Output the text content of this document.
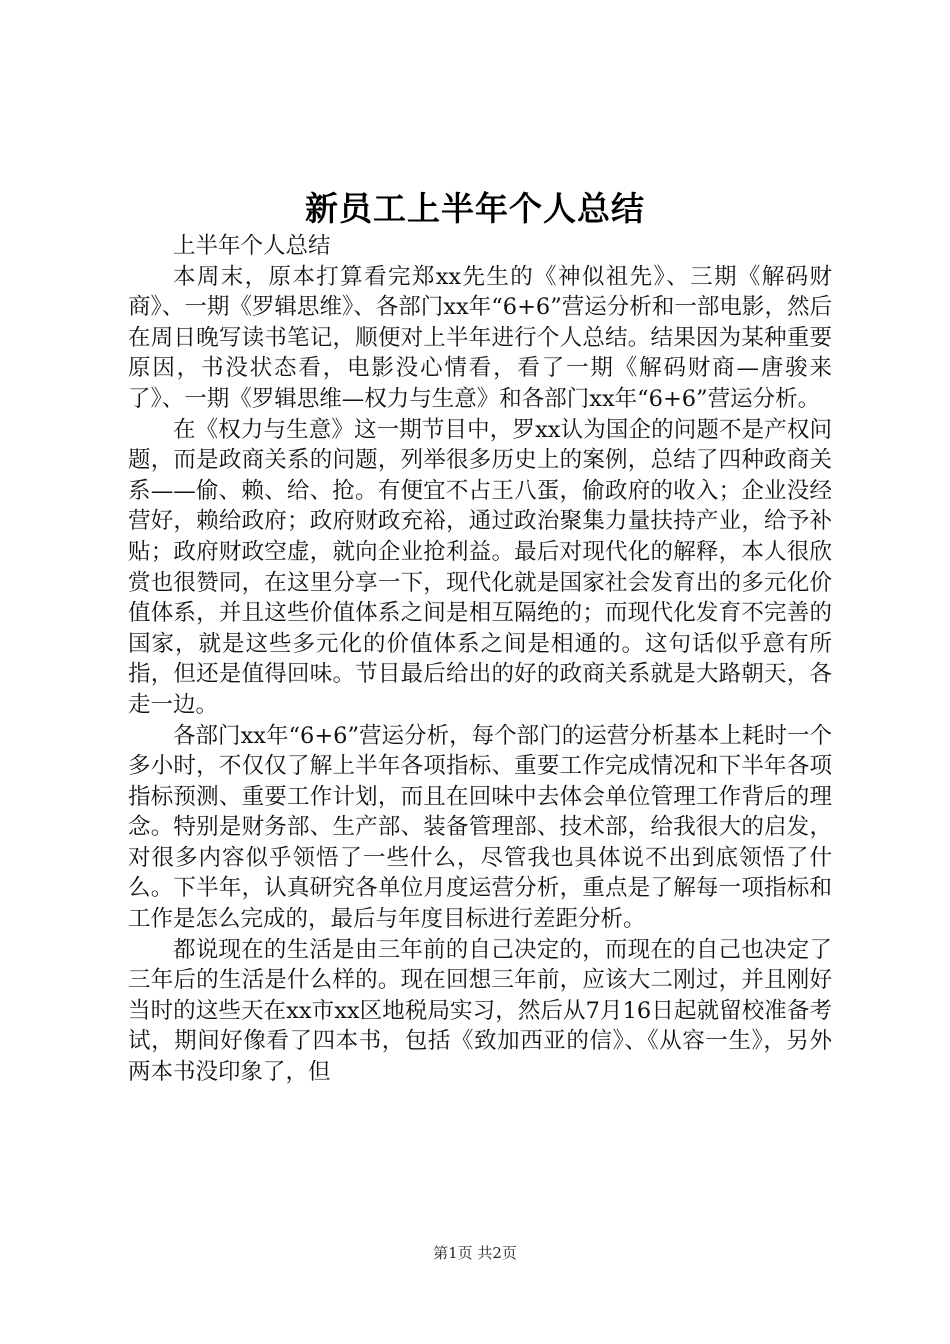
新员工上半年个人总结

上半年个人总结

本周末，原本打算看完郑xx先生的《神似祖先》、三期《解码财商》、一期《罗辑思维》、各部门xx年“6+6”营运分析和一部电影，然后在周日晚写读书笔记，顺便对上半年进行个人总结。结果因为某种重要原因，书没状态看，电影没心情看，看了一期《解码财商—唐骏来了》、一期《罗辑思维—权力与生意》和各部门xx年“6+6”营运分析。

在《权力与生意》这一期节目中，罗xx认为国企的问题不是产权问题，而是政商关系的问题，列举很多历史上的案例，总结了四种政商关系——偷、赖、给、抢。有便宜不占王八蛋，偷政府的收入；企业没经营好，赖给政府；政府财政充裕，通过政治聚集力量扶持产业，给予补贴；政府财政空虚，就向企业抢利益。最后对现代化的解释，本人很欣赏也很赞同，在这里分享一下，现代化就是国家社会发育出的多元化价值体系，并且这些价值体系之间是相互隔绝的；而现代化发育不完善的国家，就是这些多元化的价值体系之间是相通的。这句话似乎意有所指，但还是值得回味。节目最后给出的好的政商关系就是大路朝天，各走一边。

各部门xx年“6+6”营运分析，每个部门的运营分析基本上耗时一个多小时，不仅仅了解上半年各项指标、重要工作完成情况和下半年各项指标预测、重要工作计划，而且在回味中去体会单位管理工作背后的理念。特别是财务部、生产部、装备管理部、技术部，给我很大的启发，对很多内容似乎领悟了一些什么，尽管我也具体说不出到底领悟了什么。下半年，认真研究各单位月度运营分析，重点是了解每一项指标和工作是怎么完成的，最后与年度目标进行差距分析。

都说现在的生活是由三年前的自己决定的，而现在的自己也决定了三年后的生活是什么样的。现在回想三年前，应该大二刚过，并且刚好当时的这些天在xx市xx区地税局实习，然后从7月16日起就留校准备考试，期间好像看了四本书，包括《致加西亚的信》、《从容一生》，另外两本书没印象了，但

第1页 共2页
